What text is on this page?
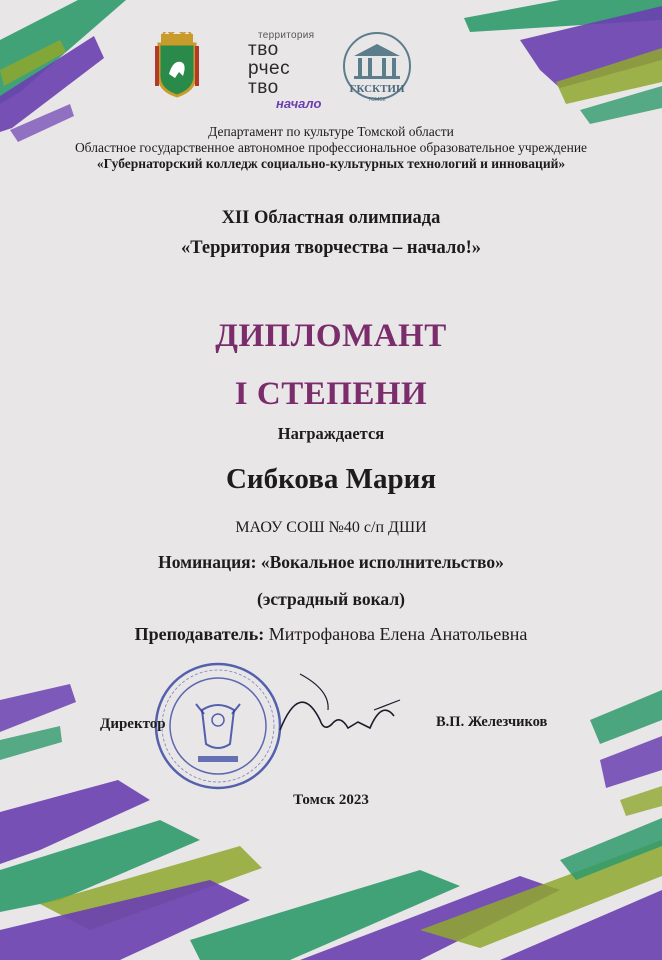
территория
тво
рчес
тво
начало
ГКСКТИИ
ТОМСК
Департамент по культуре Томской области
Областное государственное автономное профессиональное образовательное учреждение
«Губернаторский колледж социально-культурных технологий и инноваций»
XII Областная олимпиада
«Территория творчества – начало!»
ДИПЛОМАНТ
I СТЕПЕНИ
Награждается
Сибкова Мария
МАОУ СОШ №40 с/п ДШИ
Номинация: «Вокальное исполнительство»
(эстрадный вокал)
Преподаватель: Митрофанова Елена Анатольевна
Директор	В.П. Железчиков
Томск 2023
